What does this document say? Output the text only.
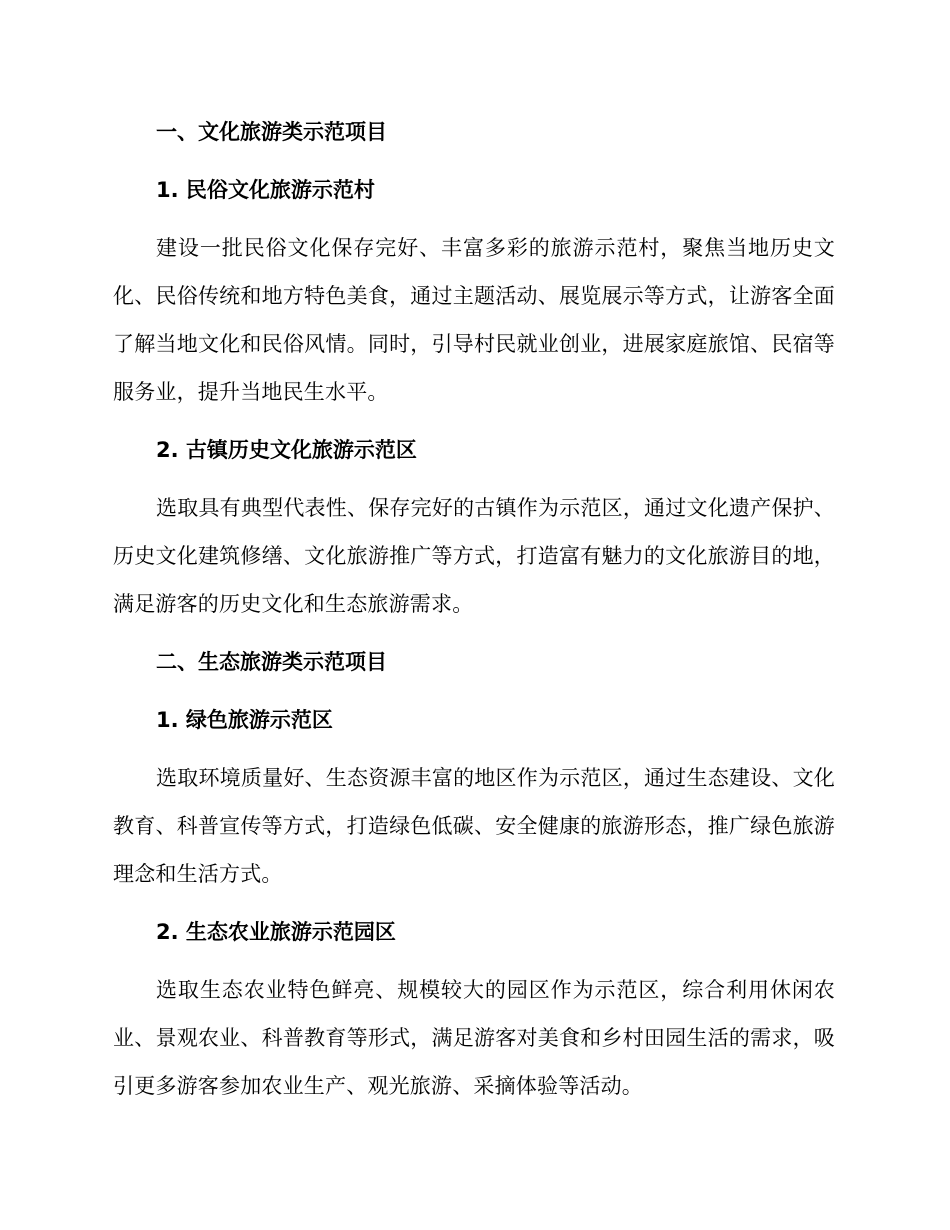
一、文化旅游类示范项目
1. 民俗文化旅游示范村

建设一批民俗文化保存完好、丰富多彩的旅游示范村，聚焦当地历史文化、民俗传统和地方特色美食，通过主题活动、展览展示等方式，让游客全面了解当地文化和民俗风情。同时，引导村民就业创业，进展家庭旅馆、民宿等服务业，提升当地民生水平。

2. 古镇历史文化旅游示范区

选取具有典型代表性、保存完好的古镇作为示范区，通过文化遗产保护、历史文化建筑修缮、文化旅游推广等方式，打造富有魅力的文化旅游目的地，满足游客的历史文化和生态旅游需求。

二、生态旅游类示范项目
1. 绿色旅游示范区

选取环境质量好、生态资源丰富的地区作为示范区，通过生态建设、文化教育、科普宣传等方式，打造绿色低碳、安全健康的旅游形态，推广绿色旅游理念和生活方式。

2. 生态农业旅游示范园区

选取生态农业特色鲜亮、规模较大的园区作为示范区，综合利用休闲农业、景观农业、科普教育等形式，满足游客对美食和乡村田园生活的需求，吸引更多游客参加农业生产、观光旅游、采摘体验等活动。
